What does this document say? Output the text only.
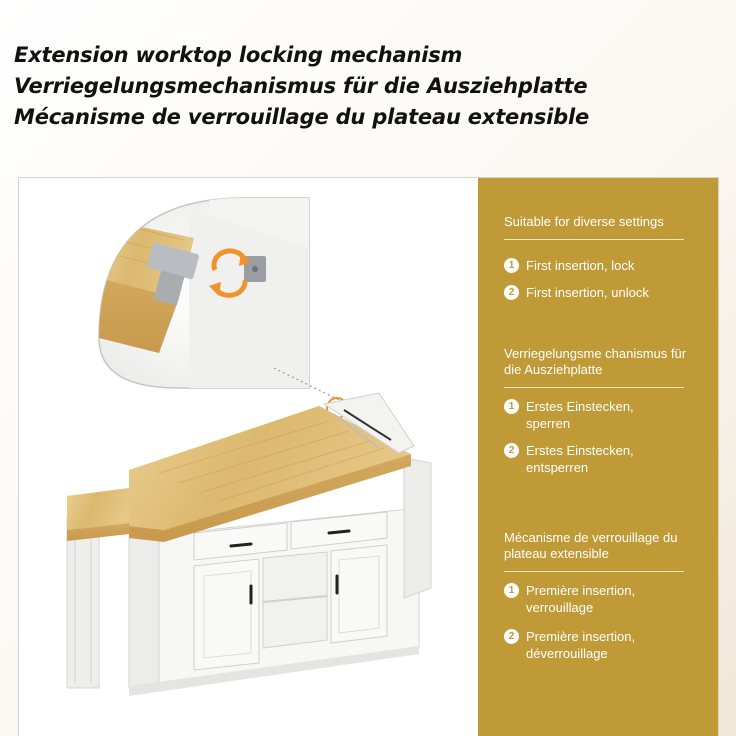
Extension worktop locking mechanism
Verriegelungsmechanismus für die Ausziehplatte
Mécanisme de verrouillage du plateau extensible
Suitable for diverse settings
1 First insertion, lock
2 First insertion, unlock
Verriegelungsme chanismus für die Ausziehplatte
1 Erstes Einstecken, sperren
2 Erstes Einstecken, entsperren
Mécanisme de verrouillage du plateau extensible
1 Première insertion, verrouillage
2 Première insertion, déverrouillage
